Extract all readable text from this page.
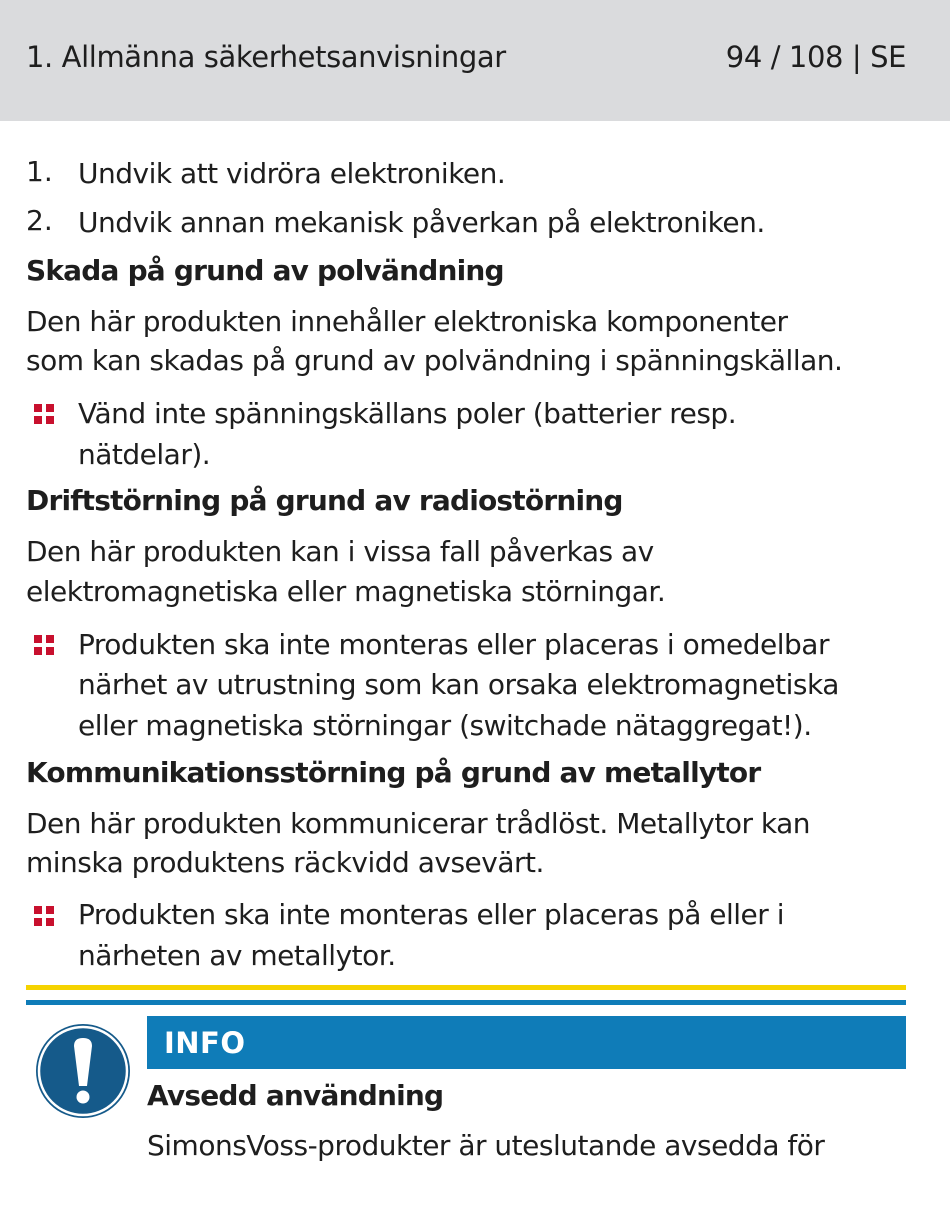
1. Allmänna säkerhetsanvisningar	94 / 108 | SE
1. Undvik att vidröra elektroniken.
2. Undvik annan mekanisk påverkan på elektroniken.
Skada på grund av polvändning
Den här produkten innehåller elektroniska komponenter
som kan skadas på grund av polvändning i spänningskällan.
Vänd inte spänningskällans poler (batterier resp.
nätdelar).
Driftstörning på grund av radiostörning
Den här produkten kan i vissa fall påverkas av
elektromagnetiska eller magnetiska störningar.
Produkten ska inte monteras eller placeras i omedelbar
närhet av utrustning som kan orsaka elektromagnetiska
eller magnetiska störningar (switchade nätaggregat!).
Kommunikationsstörning på grund av metallytor
Den här produkten kommunicerar trådlöst. Metallytor kan
minska produktens räckvidd avsevärt.
Produkten ska inte monteras eller placeras på eller i
närheten av metallytor.
INFO
Avsedd användning
SimonsVoss-produkter är uteslutande avsedda för
